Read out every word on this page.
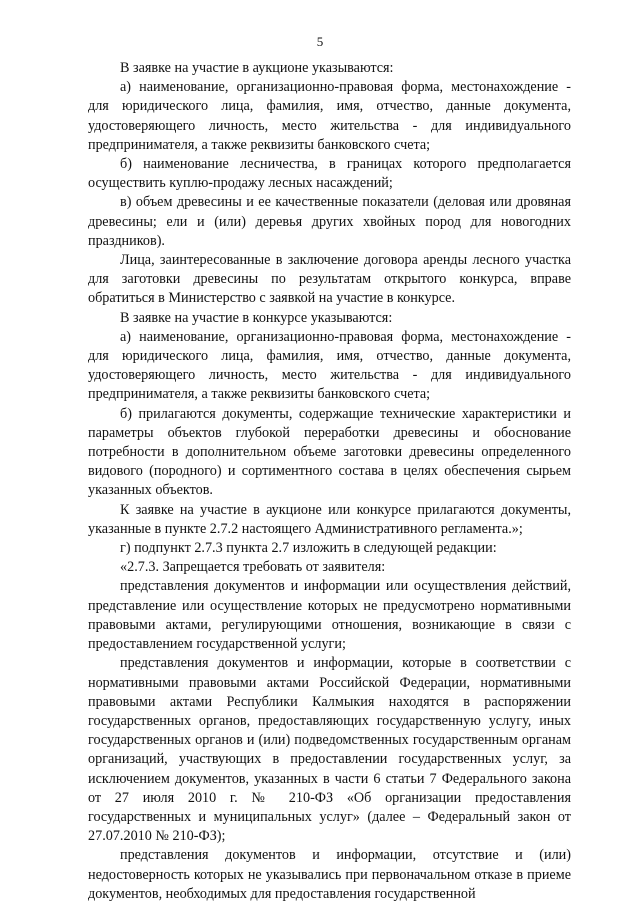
5

В заявке на участие в аукционе указываются:

а) наименование, организационно-правовая форма, местонахождение - для юридического лица, фамилия, имя, отчество, данные документа, удостоверяющего личность, место жительства - для индивидуального предпринимателя, а также реквизиты банковского счета;

б) наименование лесничества, в границах которого предполагается осуществить куплю-продажу лесных насаждений;

в) объем древесины и ее качественные показатели (деловая или дровяная древесины; ели и (или) деревья других хвойных пород для новогодних праздников).

Лица, заинтересованные в заключение договора аренды лесного участка для заготовки древесины по результатам открытого конкурса, вправе обратиться в Министерство с заявкой на участие в конкурсе.

В заявке на участие в конкурсе указываются:

а) наименование, организационно-правовая форма, местонахождение - для юридического лица, фамилия, имя, отчество, данные документа, удостоверяющего личность, место жительства - для индивидуального предпринимателя, а также реквизиты банковского счета;

б) прилагаются документы, содержащие технические характеристики и параметры объектов глубокой переработки древесины и обоснование потребности в дополнительном объеме заготовки древесины определенного видового (породного) и сортиментного состава в целях обеспечения сырьем указанных объектов.

К заявке на участие в аукционе или конкурсе прилагаются документы, указанные в пункте 2.7.2 настоящего Административного регламента.»;

г) подпункт 2.7.3 пункта 2.7 изложить в следующей редакции:

«2.7.3. Запрещается требовать от заявителя:

представления документов и информации или осуществления действий, представление или осуществление которых не предусмотрено нормативными правовыми актами, регулирующими отношения, возникающие в связи с предоставлением государственной услуги;

представления документов и информации, которые в соответствии с нормативными правовыми актами Российской Федерации, нормативными правовыми актами Республики Калмыкия находятся в распоряжении государственных органов, предоставляющих государственную услугу, иных государственных органов и (или) подведомственных государственным органам организаций, участвующих в предоставлении государственных услуг, за исключением документов, указанных в части 6 статьи 7 Федерального закона от 27 июля 2010 г. № 210-ФЗ «Об организации предоставления государственных и муниципальных услуг» (далее – Федеральный закон от 27.07.2010 № 210-ФЗ);

представления документов и информации, отсутствие и (или) недостоверность которых не указывались при первоначальном отказе в приеме документов, необходимых для предоставления государственной
